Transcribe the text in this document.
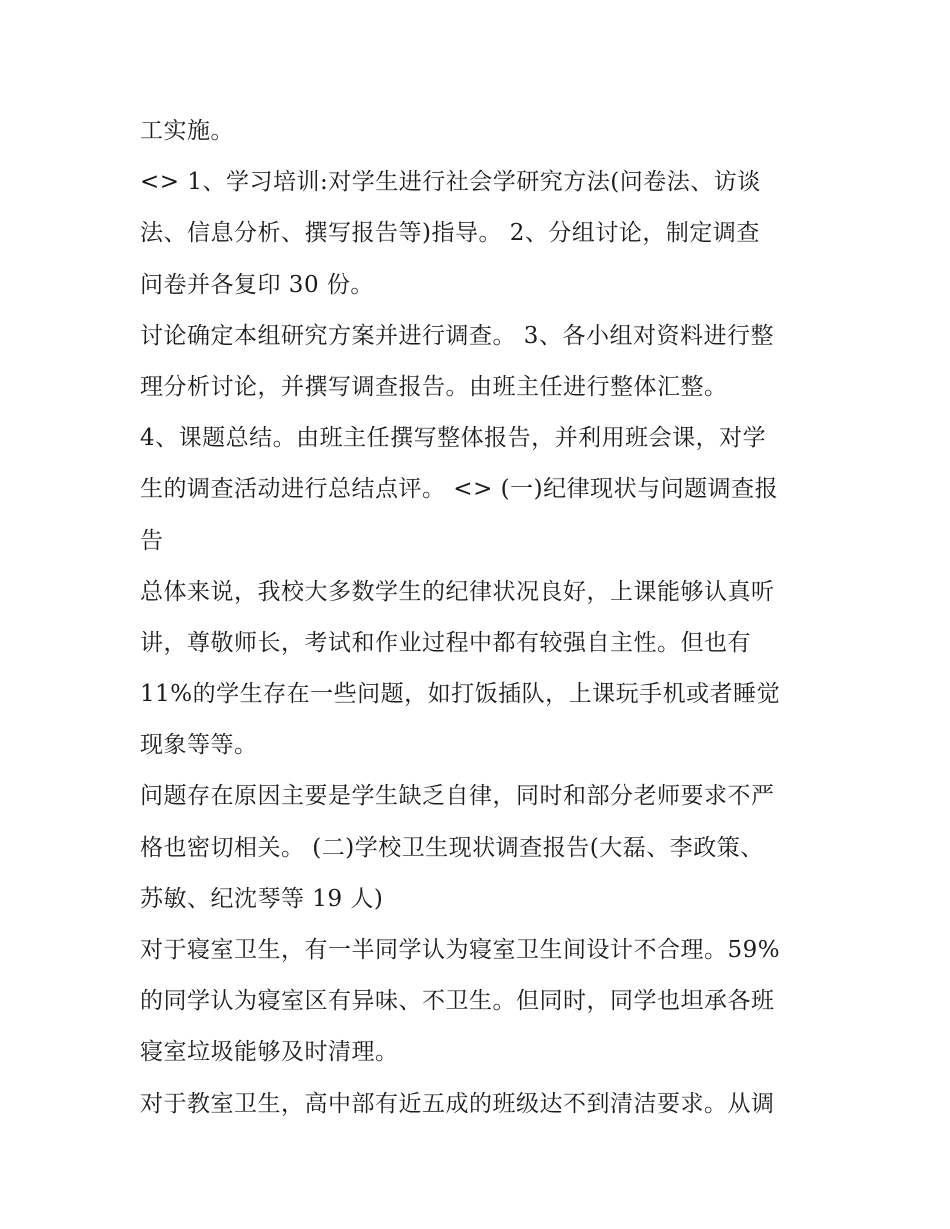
工实施。
<> 1、学习培训:对学生进行社会学研究方法(问卷法、访谈
法、信息分析、撰写报告等)指导。 2、分组讨论，制定调查
问卷并各复印 30 份。
讨论确定本组研究方案并进行调查。 3、各小组对资料进行整
理分析讨论，并撰写调查报告。由班主任进行整体汇整。
4、课题总结。由班主任撰写整体报告，并利用班会课，对学
生的调查活动进行总结点评。 <> (一)纪律现状与问题调查报
告
总体来说，我校大多数学生的纪律状况良好，上课能够认真听
讲，尊敬师长，考试和作业过程中都有较强自主性。但也有
11%的学生存在一些问题，如打饭插队，上课玩手机或者睡觉
现象等等。
问题存在原因主要是学生缺乏自律，同时和部分老师要求不严
格也密切相关。 (二)学校卫生现状调查报告(大磊、李政策、
苏敏、纪沈琴等 19 人)
对于寝室卫生，有一半同学认为寝室卫生间设计不合理。59%
的同学认为寝室区有异味、不卫生。但同时，同学也坦承各班
寝室垃圾能够及时清理。
对于教室卫生，高中部有近五成的班级达不到清洁要求。从调
